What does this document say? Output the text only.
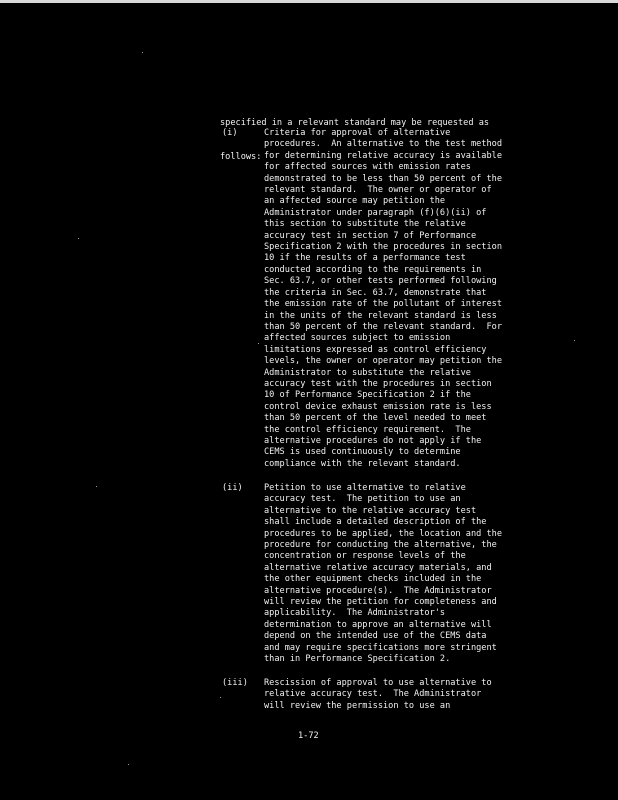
specified in a relevant standard may be requested as

follows:

(i)

	Criteria for approval of alternative
procedures.  An alternative to the test method
for determining relative accuracy is available
for affected sources with emission rates
demonstrated to be less than 50 percent of the
relevant standard.  The owner or operator of
an affected source may petition the
Administrator under paragraph (f)(6)(ii) of
this section to substitute the relative
accuracy test in section 7 of Performance
Specification 2 with the procedures in section
10 if the results of a performance test
conducted according to the requirements in
Sec. 63.7, or other tests performed following
the criteria in Sec. 63.7, demonstrate that
the emission rate of the pollutant of interest
in the units of the relevant standard is less
than 50 percent of the relevant standard.  For
affected sources subject to emission
limitations expressed as control efficiency
levels, the owner or operator may petition the
Administrator to substitute the relative
accuracy test with the procedures in section
10 of Performance Specification 2 if the
control device exhaust emission rate is less
than 50 percent of the level needed to meet
the control efficiency requirement.  The
alternative procedures do not apply if the
CEMS is used continuously to determine
compliance with the relevant standard.

(ii)

Petition to use alternative to relative
accuracy test.  The petition to use an
alternative to the relative accuracy test
shall include a detailed description of the
procedures to be applied, the location and the
procedure for conducting the alternative, the
concentration or response levels of the
alternative relative accuracy materials, and
the other equipment checks included in the
alternative procedure(s).  The Administrator
will review the petition for completeness and
applicability.  The Administrator's
determination to approve an alternative will
depend on the intended use of the CEMS data
and may require specifications more stringent
than in Performance Specification 2.

(iii)

Rescission of approval to use alternative to
relative accuracy test.  The Administrator
will review the permission to use an

1-72
